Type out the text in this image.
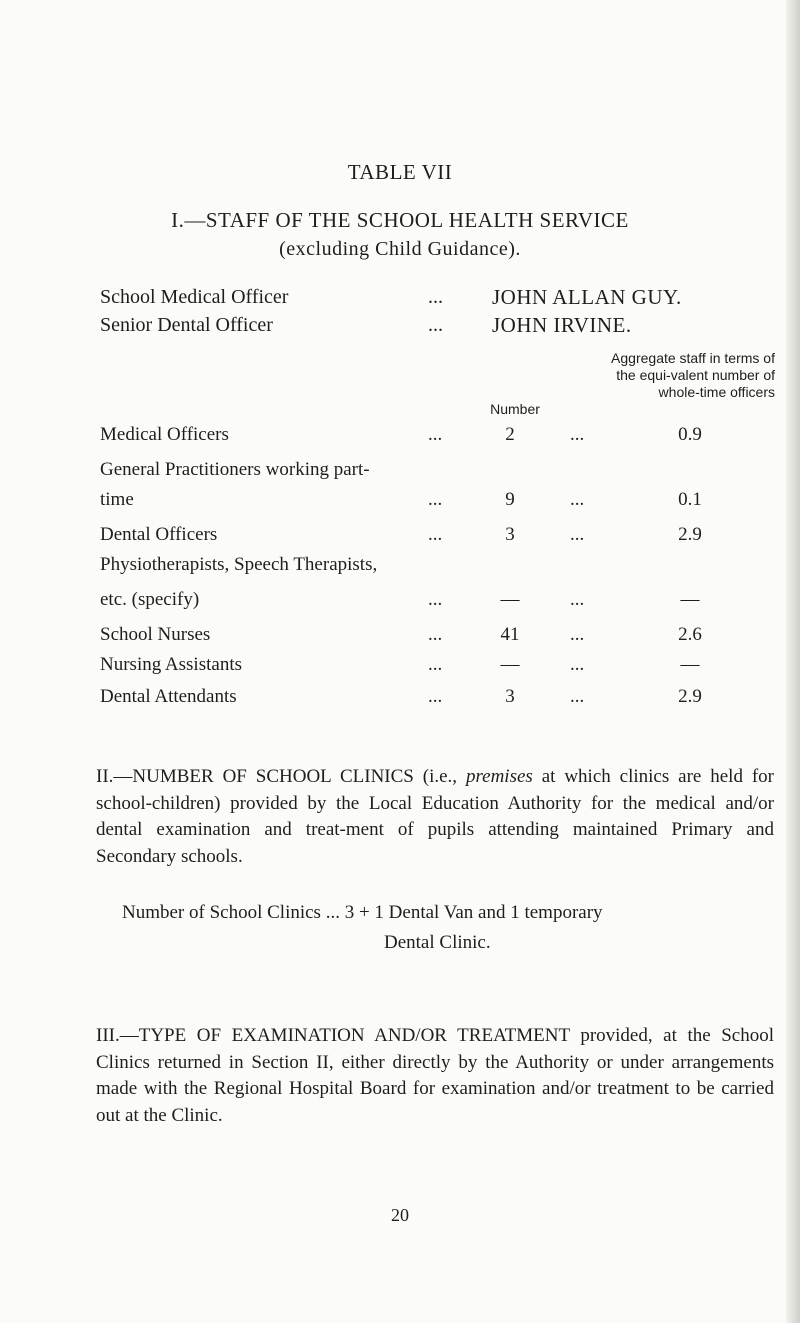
TABLE VII
I.—STAFF OF THE SCHOOL HEALTH SERVICE
(excluding Child Guidance).
School Medical Officer	... JOHN ALLAN GUY.
Senior Dental Officer	... JOHN IRVINE.
Aggregate staff in terms of the equi-valent number of whole-time officers
Number
Medical Officers	...	2	...	0.9
General Practitioners working part-
time	...	9	...	0.1
Dental Officers	...	3	...	2.9
Physiotherapists, Speech Therapists,
etc. (specify)	...	—	...	—
School Nurses	...	41	...	2.6
Nursing Assistants	...	—	...	—
Dental Attendants	...	3	...	2.9
II.—NUMBER OF SCHOOL CLINICS (i.e., premises at which clinics are held for school-children) provided by the Local Education Authority for the medical and/or dental examination and treat-ment of pupils attending maintained Primary and Secondary schools.
Number of School Clinics ... 3 + 1 Dental Van and 1 temporary
Dental Clinic.
III.—TYPE OF EXAMINATION AND/OR TREATMENT provided, at the School Clinics returned in Section II, either directly by the Authority or under arrangements made with the Regional Hospital Board for examination and/or treatment to be carried out at the Clinic.
20
